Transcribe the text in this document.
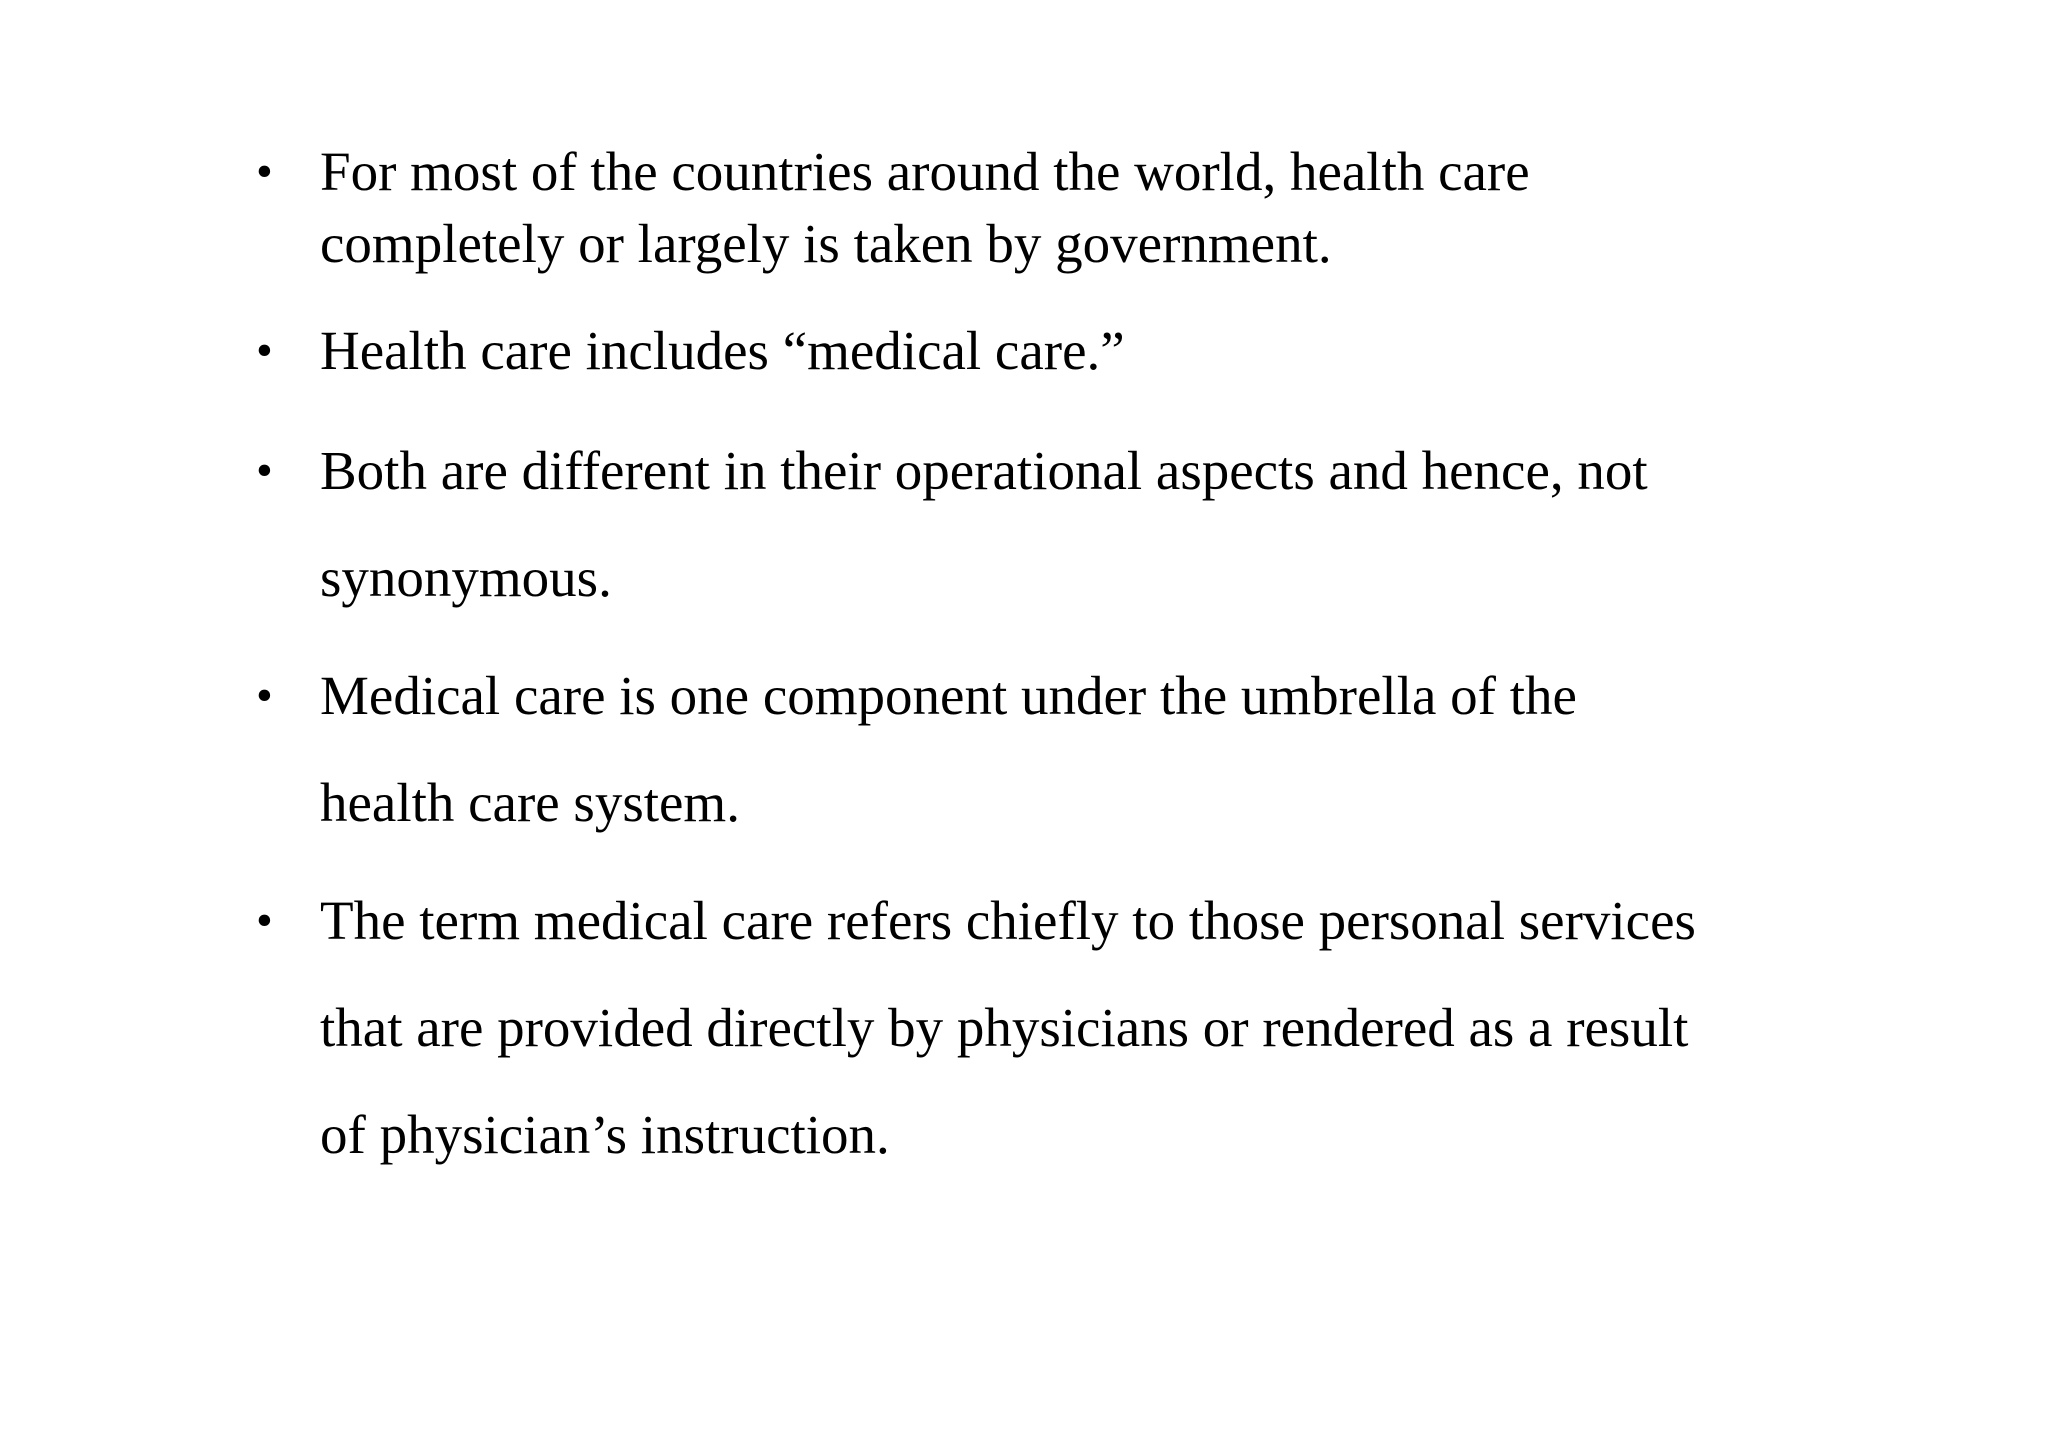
• For most of the countries around the world, health care
completely or largely is taken by government.
• Health care includes “medical care.”
• Both are different in their operational aspects and hence, not
synonymous.
• Medical care is one component under the umbrella of the
health care system.
• The term medical care refers chiefly to those personal services
that are provided directly by physicians or rendered as a result
of physician’s instruction.
